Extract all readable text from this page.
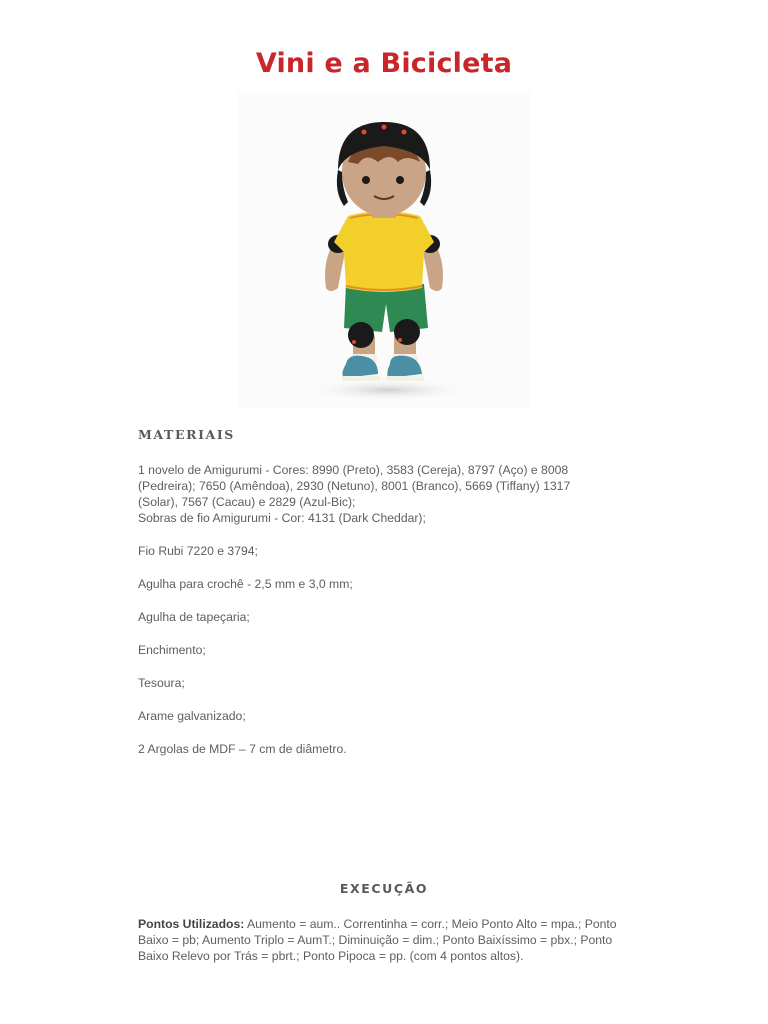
Vini e a Bicicleta
MATERIAIS

1 novelo de Amigurumi - Cores: 8990 (Preto), 3583 (Cereja), 8797 (Aço) e 8008 (Pedreira); 7650 (Amêndoa), 2930 (Netuno), 8001 (Branco), 5669 (Tiffany) 1317 (Solar), 7567 (Cacau) e 2829 (Azul-Bic);
Sobras de fio Amigurumi - Cor: 4131 (Dark Cheddar);

Fio Rubi 7220 e 3794;

Agulha para crochê - 2,5 mm e 3,0 mm;

Agulha de tapeçaria;

Enchimento;

Tesoura;

Arame galvanizado;

2 Argolas de MDF – 7 cm de diâmetro.

EXECUÇÃO

Pontos Utilizados: Aumento = aum.. Correntinha = corr.; Meio Ponto Alto = mpa.; Ponto Baixo = pb; Aumento Triplo = AumT.; Diminuição = dim.; Ponto Baixíssimo = pbx.; Ponto Baixo Relevo por Trás = pbrt.; Ponto Pipoca = pp. (com 4 pontos altos).
